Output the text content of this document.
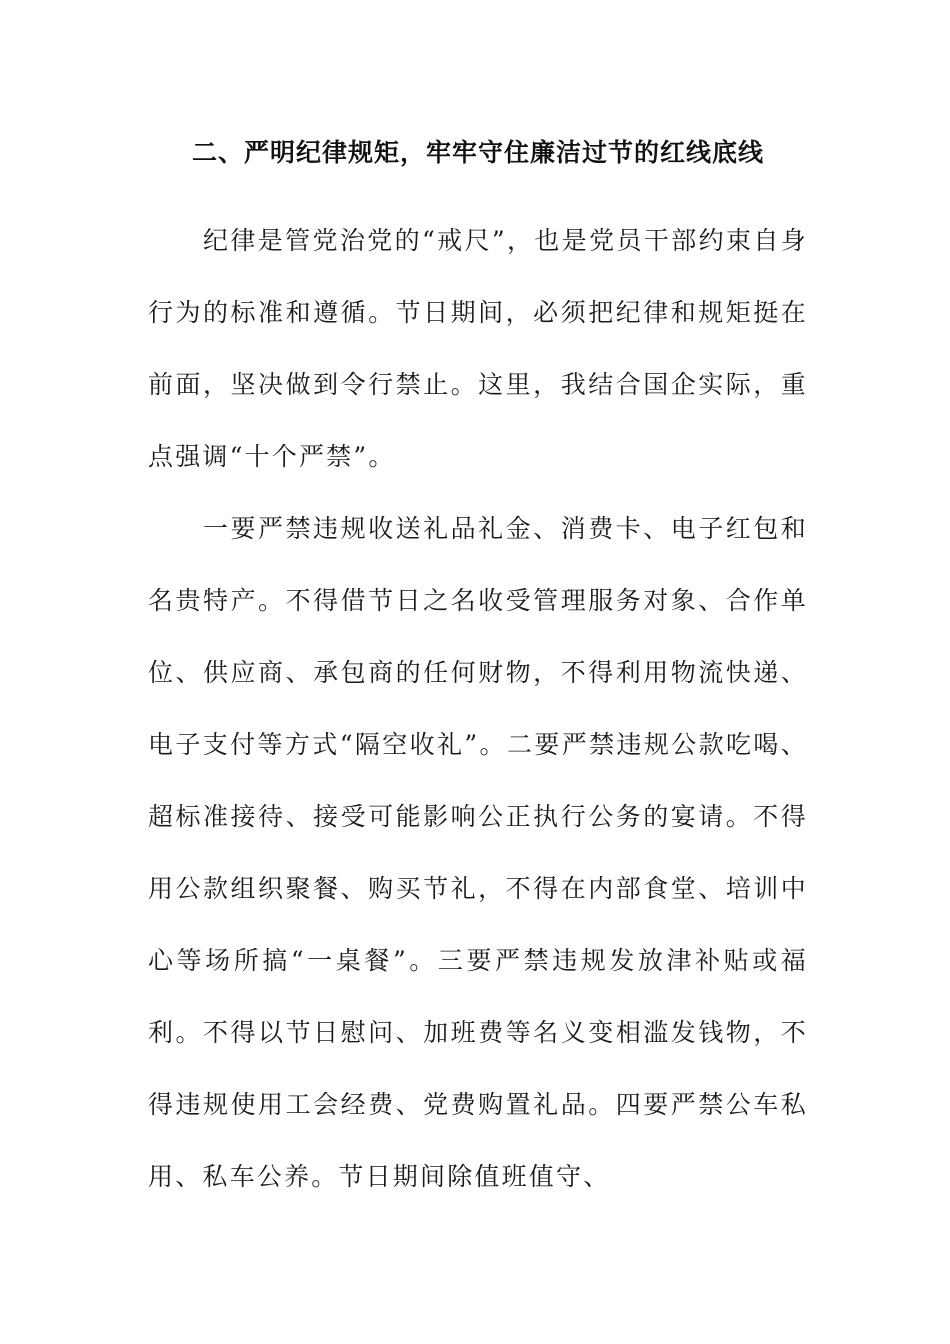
二、严明纪律规矩，牢牢守住廉洁过节的红线底线

纪律是管党治党的“戒尺”，也是党员干部约束自身行为的标准和遵循。节日期间，必须把纪律和规矩挺在前面，坚决做到令行禁止。这里，我结合国企实际，重点强调“十个严禁”。

一要严禁违规收送礼品礼金、消费卡、电子红包和名贵特产。不得借节日之名收受管理服务对象、合作单位、供应商、承包商的任何财物，不得利用物流快递、电子支付等方式“隔空收礼”。二要严禁违规公款吃喝、超标准接待、接受可能影响公正执行公务的宴请。不得用公款组织聚餐、购买节礼，不得在内部食堂、培训中心等场所搞“一桌餐”。三要严禁违规发放津补贴或福利。不得以节日慰问、加班费等名义变相滥发钱物，不得违规使用工会经费、党费购置礼品。四要严禁公车私用、私车公养。节日期间除值班值守、
